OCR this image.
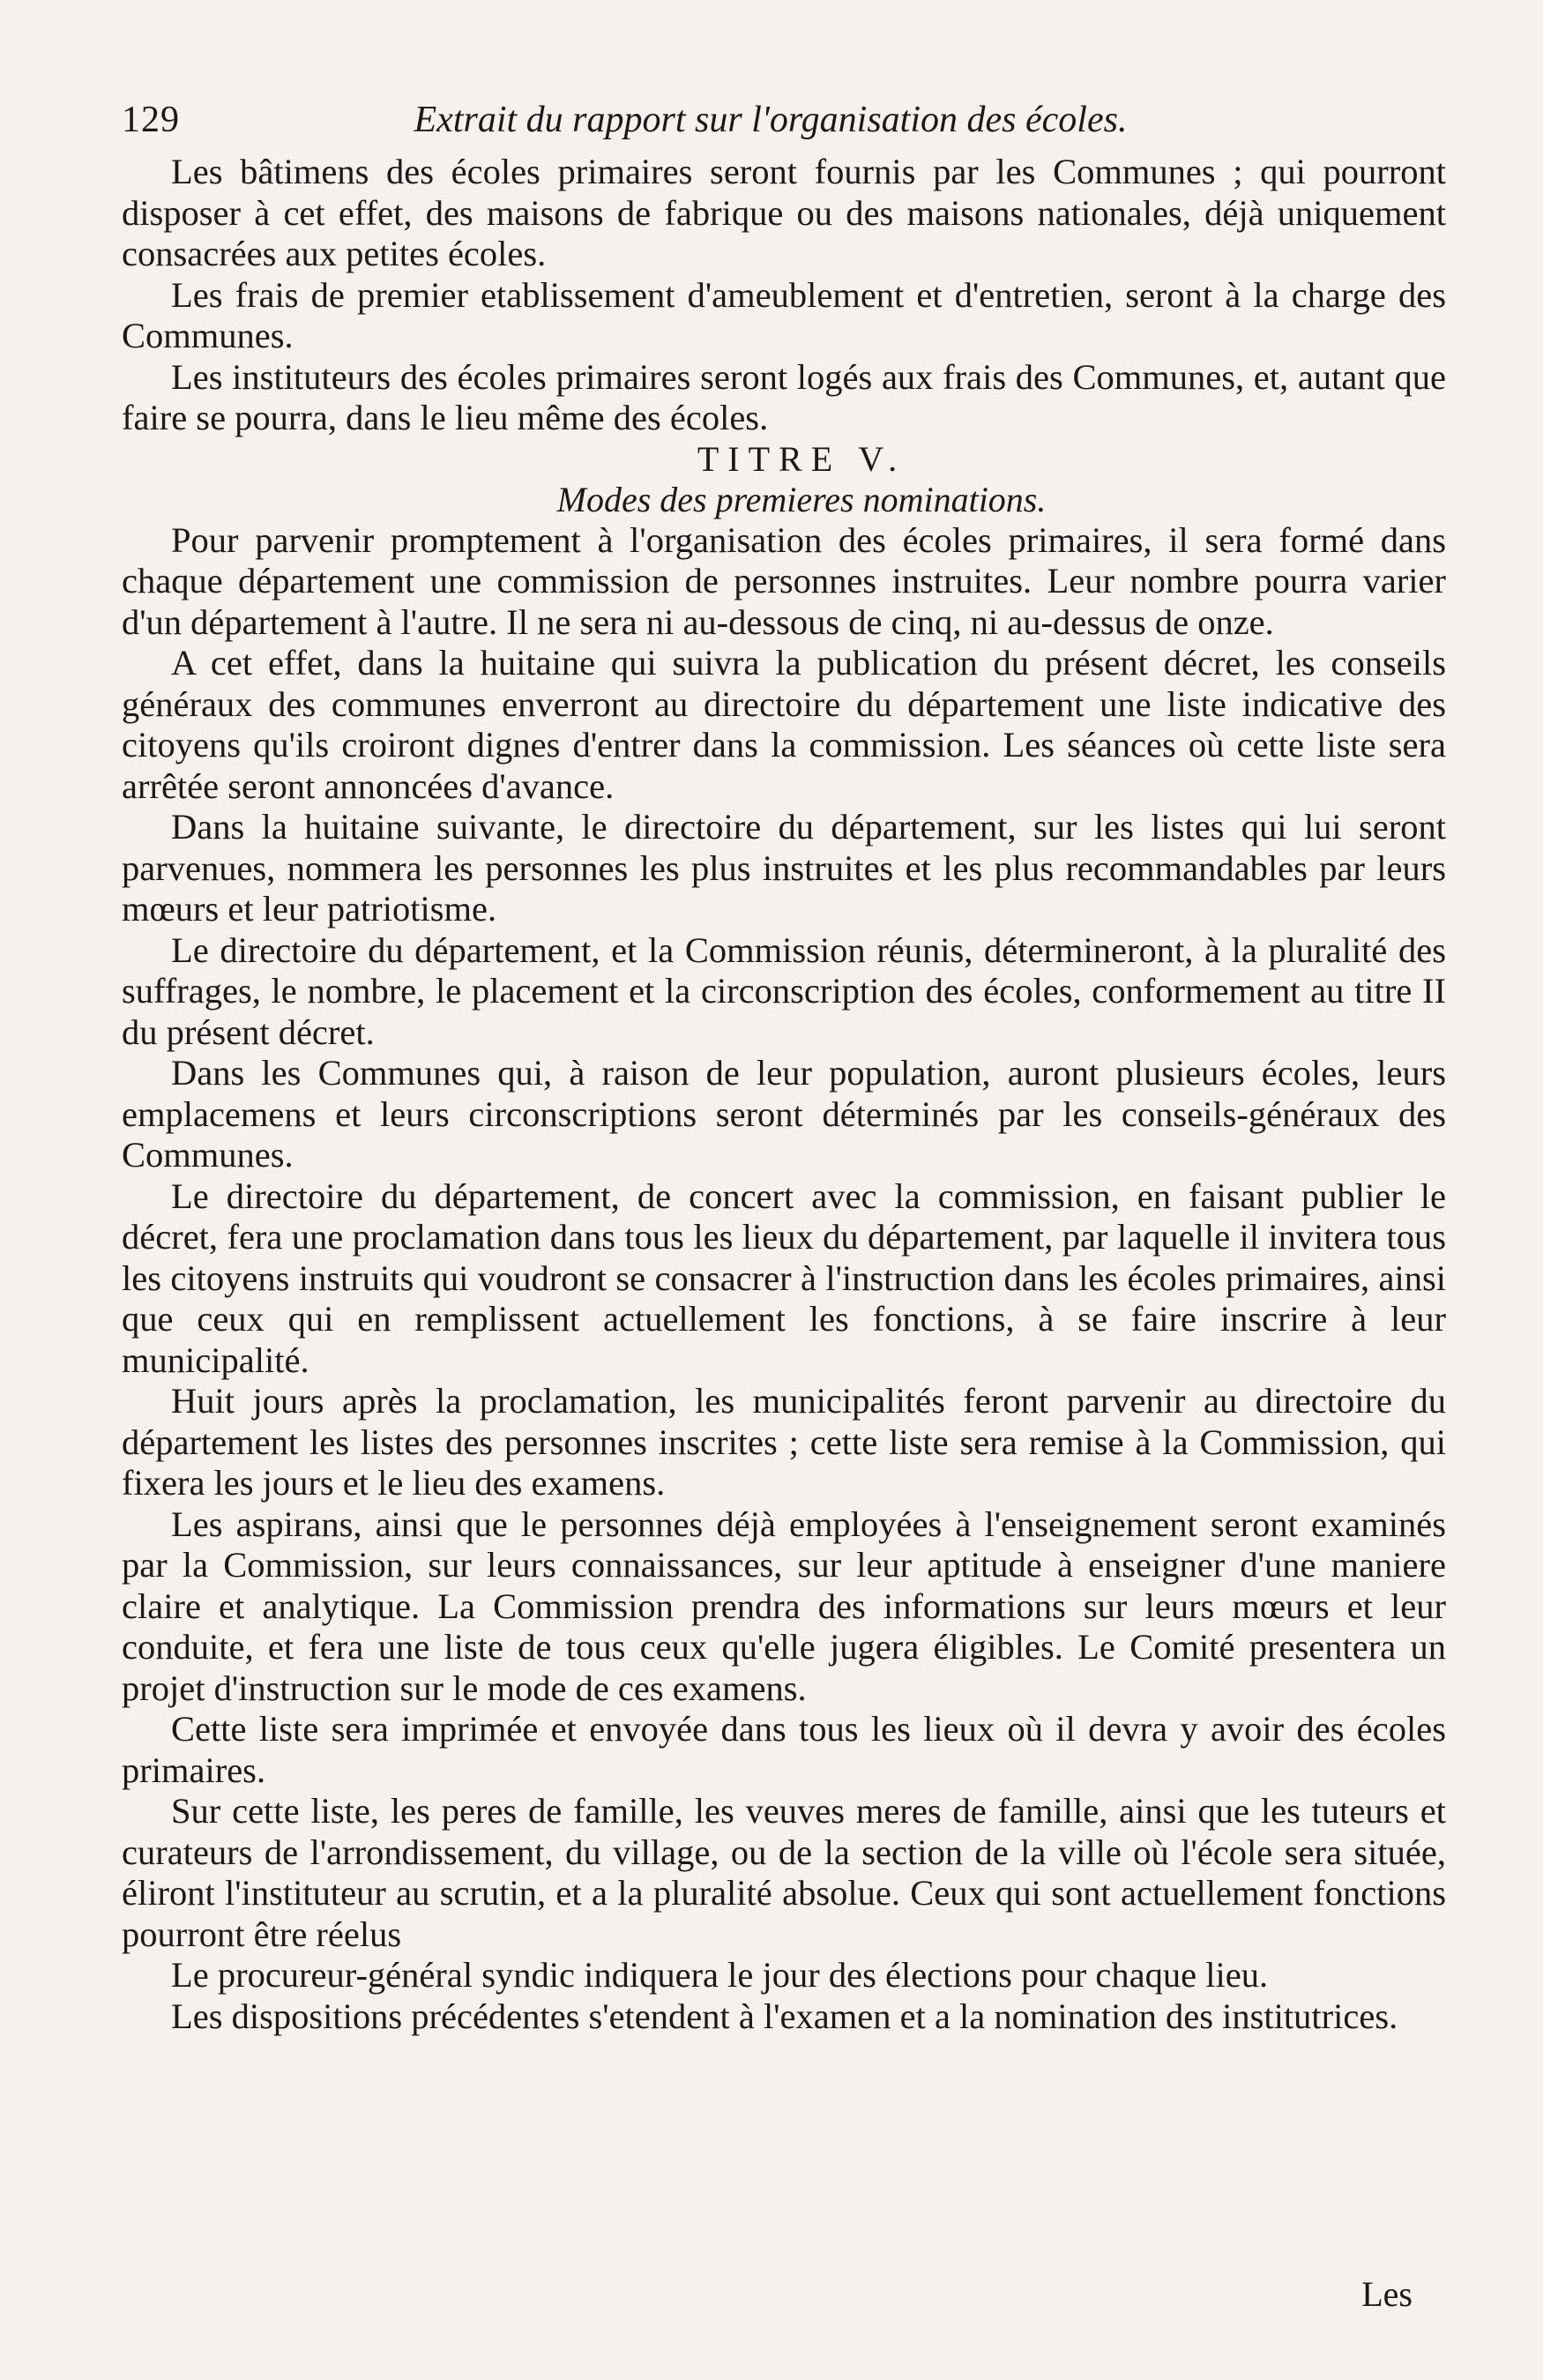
129	Extrait du rapport sur l'organisation des écoles.

Les bâtimens des écoles primaires seront fournis par les Communes ; qui pourront disposer à cet effet, des maisons de fabrique ou des maisons nationales, déjà uniquement consacrées aux petites écoles.

Les frais de premier etablissement d'ameublement et d'entretien, seront à la charge des Communes.

Les instituteurs des écoles primaires seront logés aux frais des Communes, et, autant que faire se pourra, dans le lieu même des écoles.

TITRE V.

Modes des premieres nominations.

Pour parvenir promptement à l'organisation des écoles primaires, il sera formé dans chaque département une commission de personnes instruites. Leur nombre pourra varier d'un département à l'autre. Il ne sera ni au-dessous de cinq, ni au-dessus de onze.

A cet effet, dans la huitaine qui suivra la publication du présent décret, les conseils généraux des communes enverront au directoire du département une liste indicative des citoyens qu'ils croiront dignes d'entrer dans la commission. Les séances où cette liste sera arrêtée seront annoncées d'avance.

Dans la huitaine suivante, le directoire du département, sur les listes qui lui seront parvenues, nommera les personnes les plus instruites et les plus recommandables par leurs mœurs et leur patriotisme.

Le directoire du département, et la Commission réunis, détermineront, à la pluralité des suffrages, le nombre, le placement et la circonscription des écoles, conformement au titre II du présent décret.

Dans les Communes qui, à raison de leur population, auront plusieurs écoles, leurs emplacemens et leurs circonscriptions seront déterminés par les conseils-généraux des Communes.

Le directoire du département, de concert avec la commission, en faisant publier le décret, fera une proclamation dans tous les lieux du département, par laquelle il invitera tous les citoyens instruits qui voudront se consacrer à l'instruction dans les écoles primaires, ainsi que ceux qui en remplissent actuellement les fonctions, à se faire inscrire à leur municipalité.

Huit jours après la proclamation, les municipalités feront parvenir au directoire du département les listes des personnes inscrites ; cette liste sera remise à la Commission, qui fixera les jours et le lieu des examens.

Les aspirans, ainsi que le personnes déjà employées à l'enseignement seront examinés par la Commission, sur leurs connaissances, sur leur aptitude à enseigner d'une maniere claire et analytique. La Commission prendra des informations sur leurs mœurs et leur conduite, et fera une liste de tous ceux qu'elle jugera éligibles. Le Comité presentera un projet d'instruction sur le mode de ces examens.

Cette liste sera imprimée et envoyée dans tous les lieux où il devra y avoir des écoles primaires.

Sur cette liste, les peres de famille, les veuves meres de famille, ainsi que les tuteurs et curateurs de l'arrondissement, du village, ou de la section de la ville où l'école sera située, éliront l'instituteur au scrutin, et a la pluralité absolue. Ceux qui sont actuellement fonctions pourront être réelus

Le procureur-général syndic indiquera le jour des élections pour chaque lieu.

Les dispositions précédentes s'etendent à l'examen et a la nomination des institutrices.

Les
